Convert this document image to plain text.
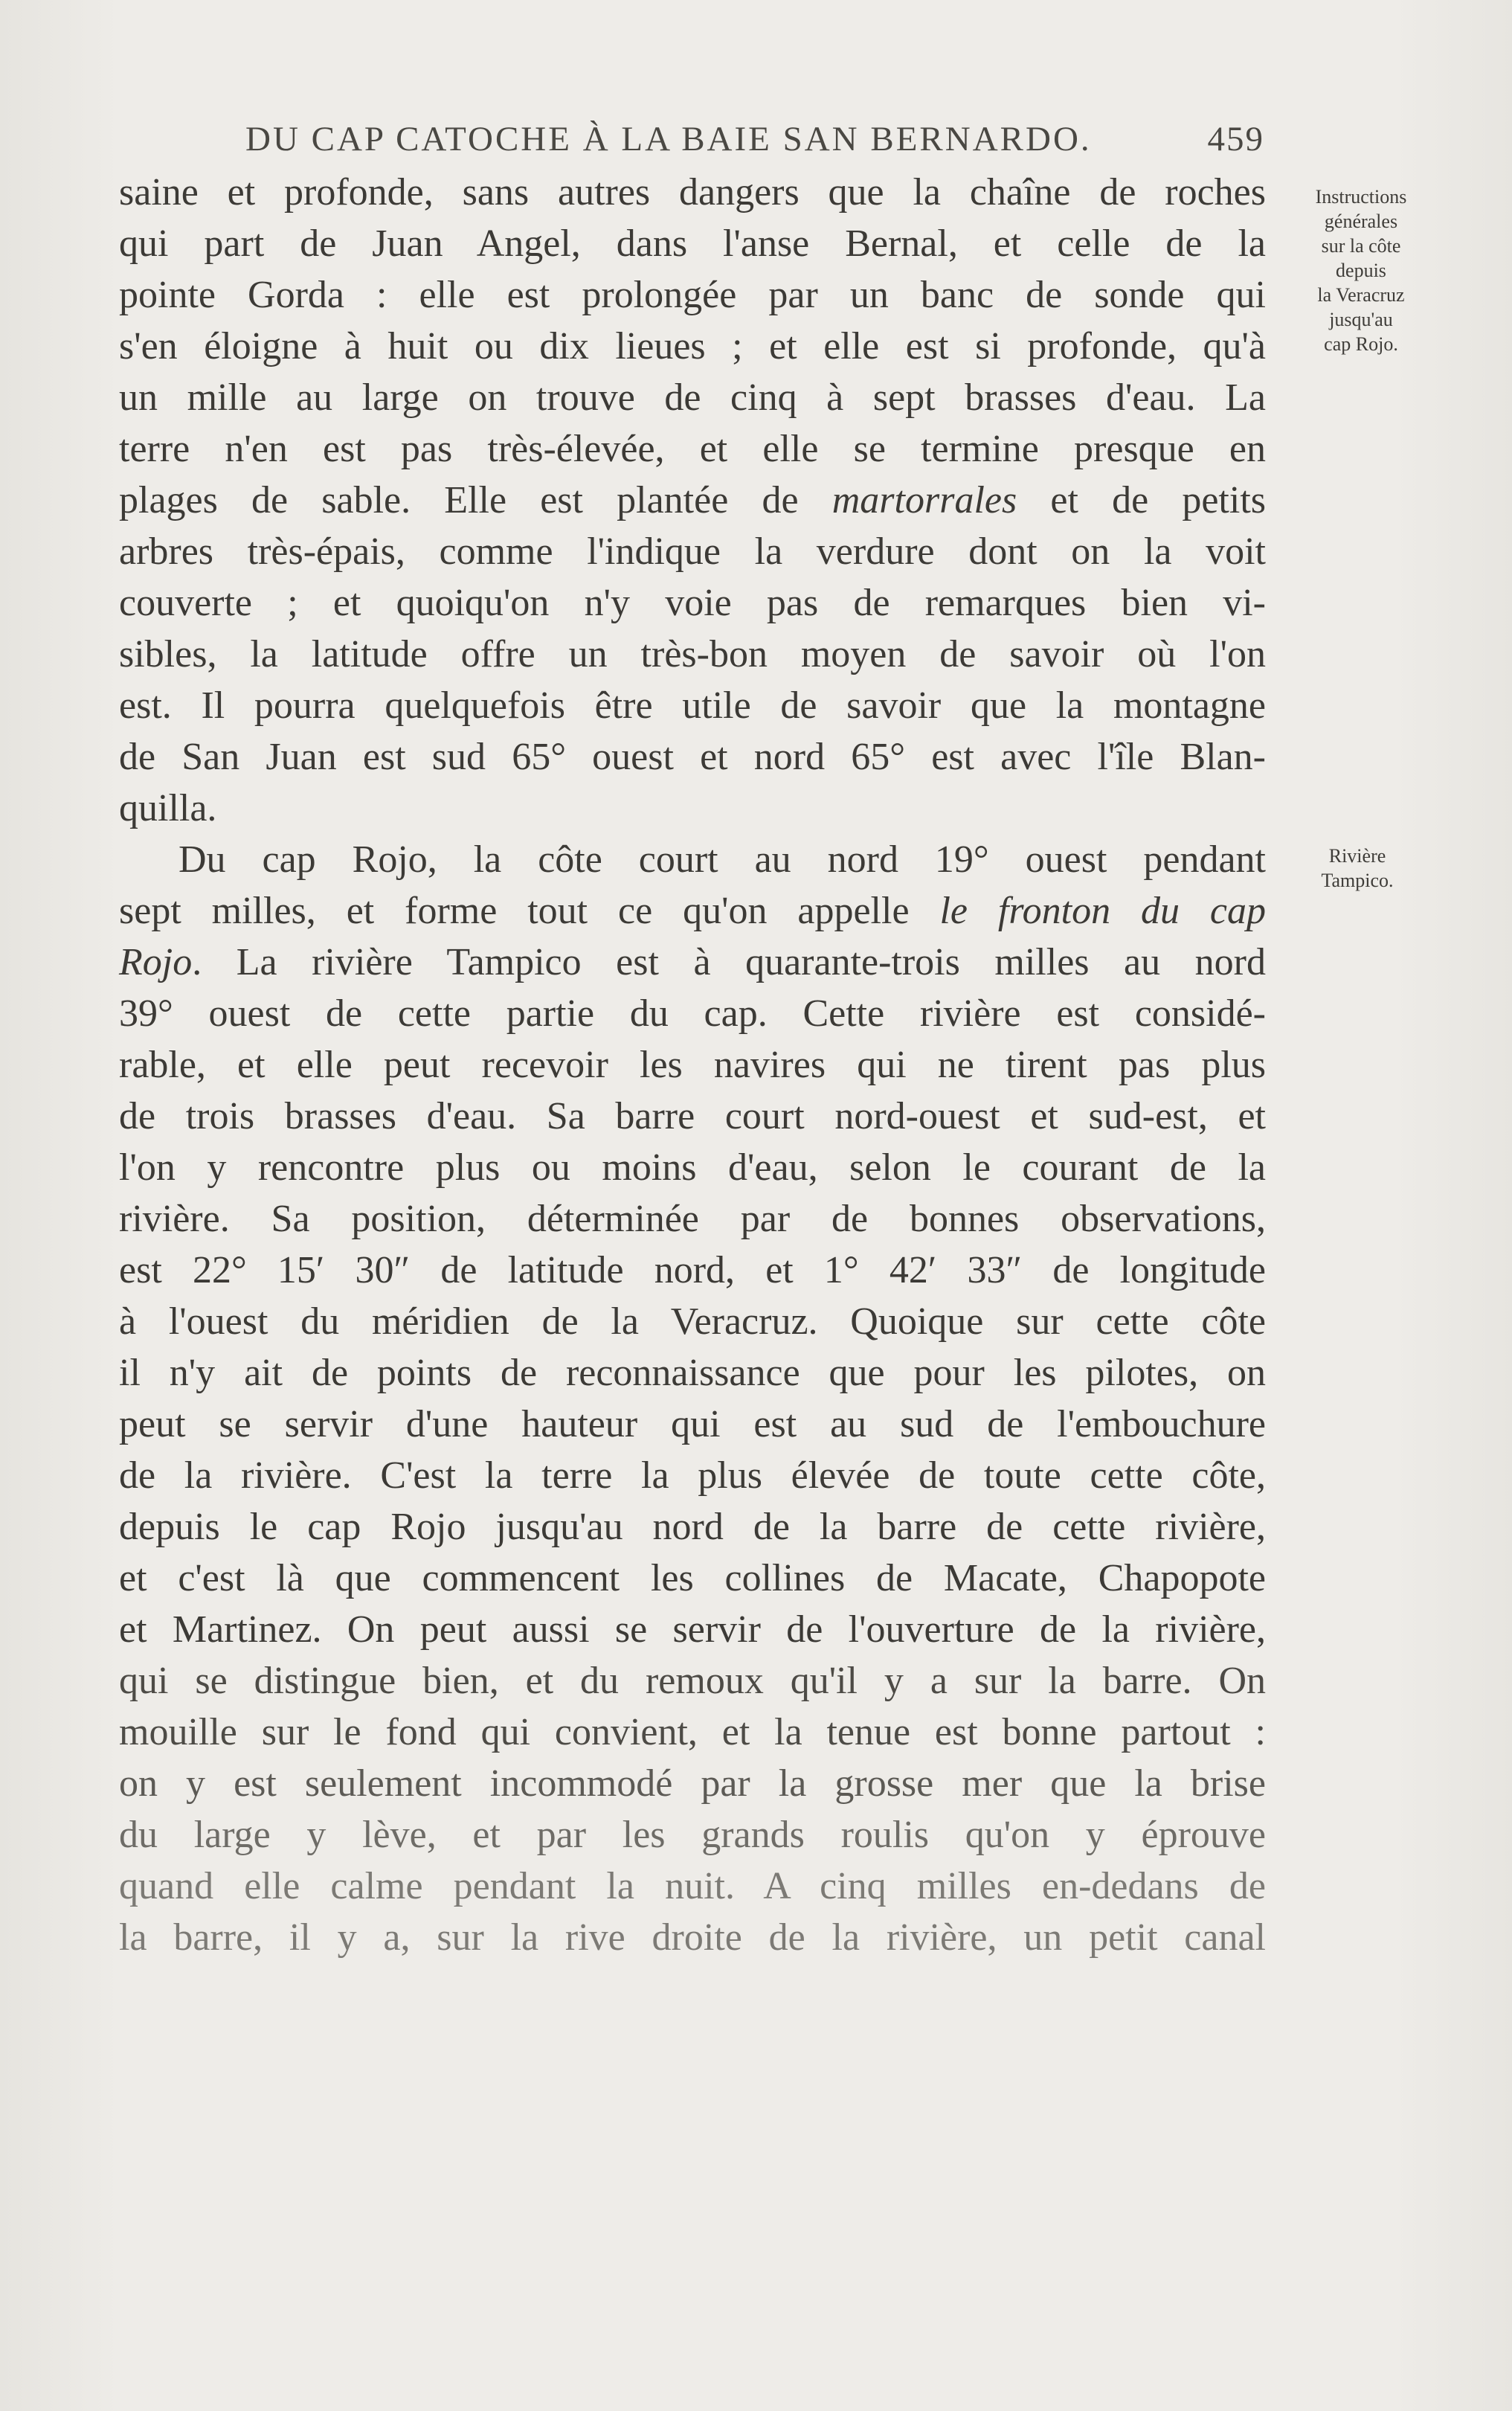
DU CAP CATOCHE À LA BAIE SAN BERNARDO.	459
Instructions
générales
sur la côte
depuis
la Veracruz
jusqu'au
cap Rojo.
Rivière
Tampico.
saine et profonde, sans autres dangers que la chaîne de roches
qui part de Juan Angel, dans l'anse Bernal, et celle de la
pointe Gorda : elle est prolongée par un banc de sonde qui
s'en éloigne à huit ou dix lieues ; et elle est si profonde, qu'à
un mille au large on trouve de cinq à sept brasses d'eau. La
terre n'en est pas très-élevée, et elle se termine presque en
plages de sable. Elle est plantée de martorrales et de petits
arbres très-épais, comme l'indique la verdure dont on la voit
couverte ; et quoiqu'on n'y voie pas de remarques bien vi-
sibles, la latitude offre un très-bon moyen de savoir où l'on
est. Il pourra quelquefois être utile de savoir que la montagne
de San Juan est sud 65° ouest et nord 65° est avec l'île Blan-
quilla.
Du cap Rojo, la côte court au nord 19° ouest pendant
sept milles, et forme tout ce qu'on appelle le fronton du cap
Rojo. La rivière Tampico est à quarante-trois milles au nord
39° ouest de cette partie du cap. Cette rivière est considé-
rable, et elle peut recevoir les navires qui ne tirent pas plus
de trois brasses d'eau. Sa barre court nord-ouest et sud-est, et
l'on y rencontre plus ou moins d'eau, selon le courant de la
rivière. Sa position, déterminée par de bonnes observations,
est 22° 15′ 30″ de latitude nord, et 1° 42′ 33″ de longitude
à l'ouest du méridien de la Veracruz. Quoique sur cette côte
il n'y ait de points de reconnaissance que pour les pilotes, on
peut se servir d'une hauteur qui est au sud de l'embouchure
de la rivière. C'est la terre la plus élevée de toute cette côte,
depuis le cap Rojo jusqu'au nord de la barre de cette rivière,
et c'est là que commencent les collines de Macate, Chapopote
et Martinez. On peut aussi se servir de l'ouverture de la rivière,
qui se distingue bien, et du remoux qu'il y a sur la barre. On
mouille sur le fond qui convient, et la tenue est bonne partout :
on y est seulement incommodé par la grosse mer que la brise
du large y lève, et par les grands roulis qu'on y éprouve
quand elle calme pendant la nuit. A cinq milles en-dedans de
la barre, il y a, sur la rive droite de la rivière, un petit canal
